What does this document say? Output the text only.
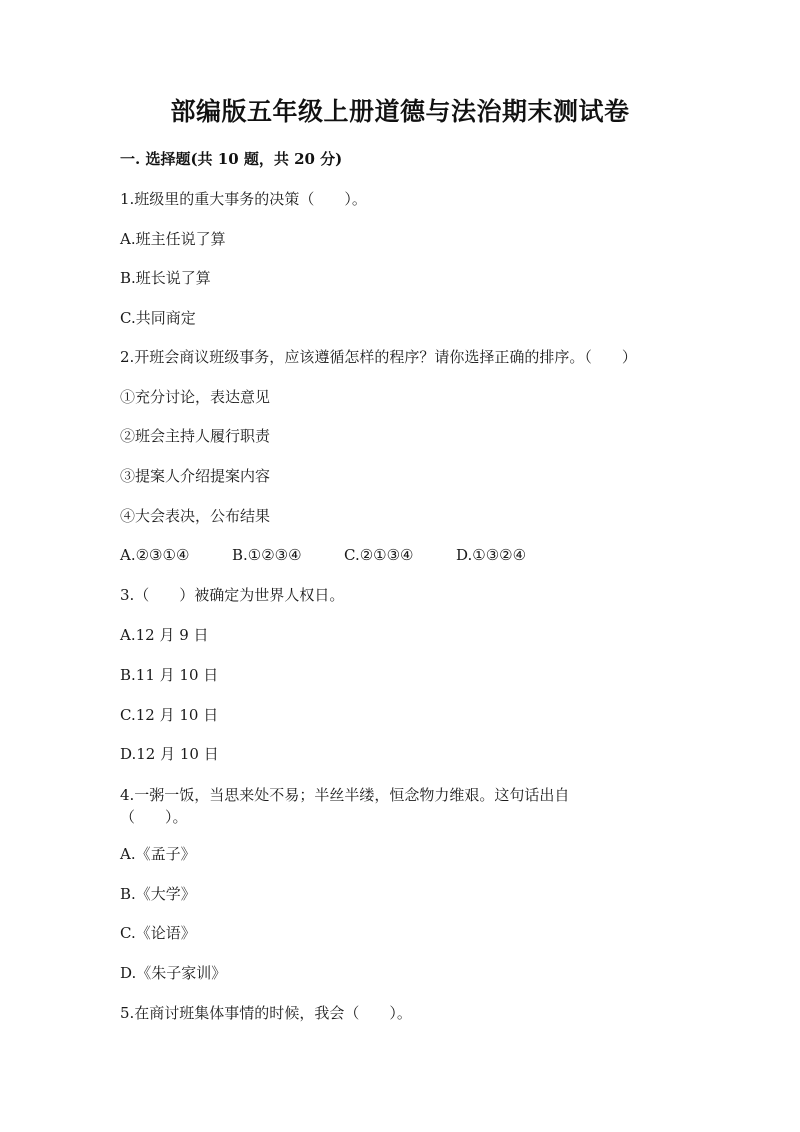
部编版五年级上册道德与法治期末测试卷
一. 选择题(共 10 题，共 20 分)
1.班级里的重大事务的决策（　　）。
A.班主任说了算
B.班长说了算
C.共同商定
2.开班会商议班级事务，应该遵循怎样的程序？请你选择正确的排序。（　　）
①充分讨论，表达意见
②班会主持人履行职责
③提案人介绍提案内容
④大会表决，公布结果
A.②③①④	B.①②③④	C.②①③④	D.①③②④
3.（　　）被确定为世界人权日。
A.12 月 9 日
B.11 月 10 日
C.12 月 10 日
D.12 月 10 日
4.一粥一饭，当思来处不易；半丝半缕，恒念物力维艰。这句话出自（　　）。
A.《孟子》
B.《大学》
C.《论语》
D.《朱子家训》
5.在商讨班集体事情的时候，我会（　　）。
